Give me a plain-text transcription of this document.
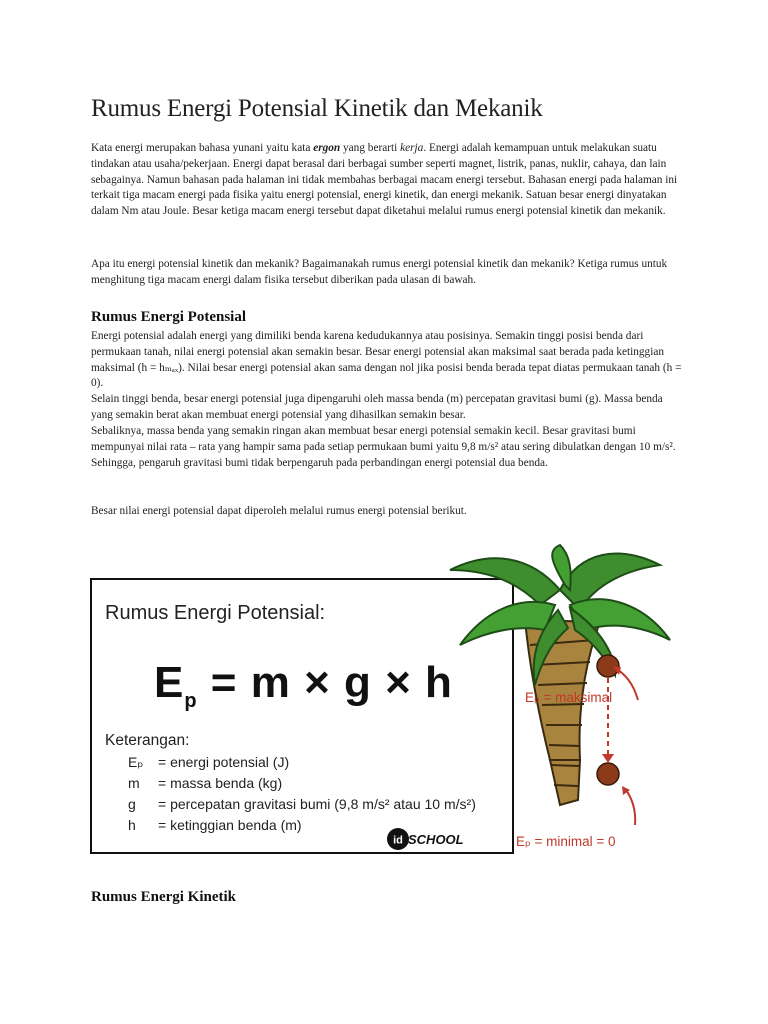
Rumus Energi Potensial Kinetik dan Mekanik

Kata energi merupakan bahasa yunani yaitu kata ergon yang berarti kerja. Energi adalah kemampuan untuk melakukan suatu tindakan atau usaha/pekerjaan. Energi dapat berasal dari berbagai sumber seperti magnet, listrik, panas, nuklir, cahaya, dan lain sebagainya. Namun bahasan pada halaman ini tidak membahas berbagai macam energi tersebut. Bahasan energi pada halaman ini terkait tiga macam energi pada fisika yaitu energi potensial, energi kinetik, dan energi mekanik. Satuan besar energi dinyatakan dalam Nm atau Joule. Besar ketiga macam energi tersebut dapat diketahui melalui rumus energi potensial kinetik dan mekanik.

Apa itu energi potensial kinetik dan mekanik? Bagaimanakah rumus energi potensial kinetik dan mekanik? Ketiga rumus untuk menghitung tiga macam energi dalam fisika tersebut diberikan pada ulasan di bawah.

Rumus Energi Potensial

Energi potensial adalah energi yang dimiliki benda karena kedudukannya atau posisinya. Semakin tinggi posisi benda dari permukaan tanah, nilai energi potensial akan semakin besar. Besar energi potensial akan maksimal saat berada pada ketinggian maksimal (h = hₘₐₓ). Nilai besar energi potensial akan sama dengan nol jika posisi benda berada tepat diatas permukaan tanah (h = 0).

Selain tinggi benda, besar energi potensial juga dipengaruhi oleh massa benda (m) percepatan gravitasi bumi (g). Massa benda yang semakin berat akan membuat energi potensial yang dihasilkan semakin besar.

Sebaliknya, massa benda yang semakin ringan akan membuat besar energi potensial semakin kecil. Besar gravitasi bumi mempunyai nilai rata – rata yang hampir sama pada setiap permukaan bumi yaitu 9,8 m/s² atau sering dibulatkan dengan 10 m/s². Sehingga, pengaruh gravitasi bumi tidak berpengaruh pada perbandingan energi potensial dua benda.

Besar nilai energi potensial dapat diperoleh melalui rumus energi potensial berikut.

Rumus Energi Potensial:
$E_p = m \times g \times h$
Keterangan:
Eₚ = energi potensial (J)
m = massa benda (kg)
g = percepatan gravitasi bumi (9,8 m/s² atau 10 m/s²)
h = ketinggian benda (m)
Eₚ = maksimal
Eₚ = minimal = 0
id SCHOOL
Rumus Energi Kinetik
